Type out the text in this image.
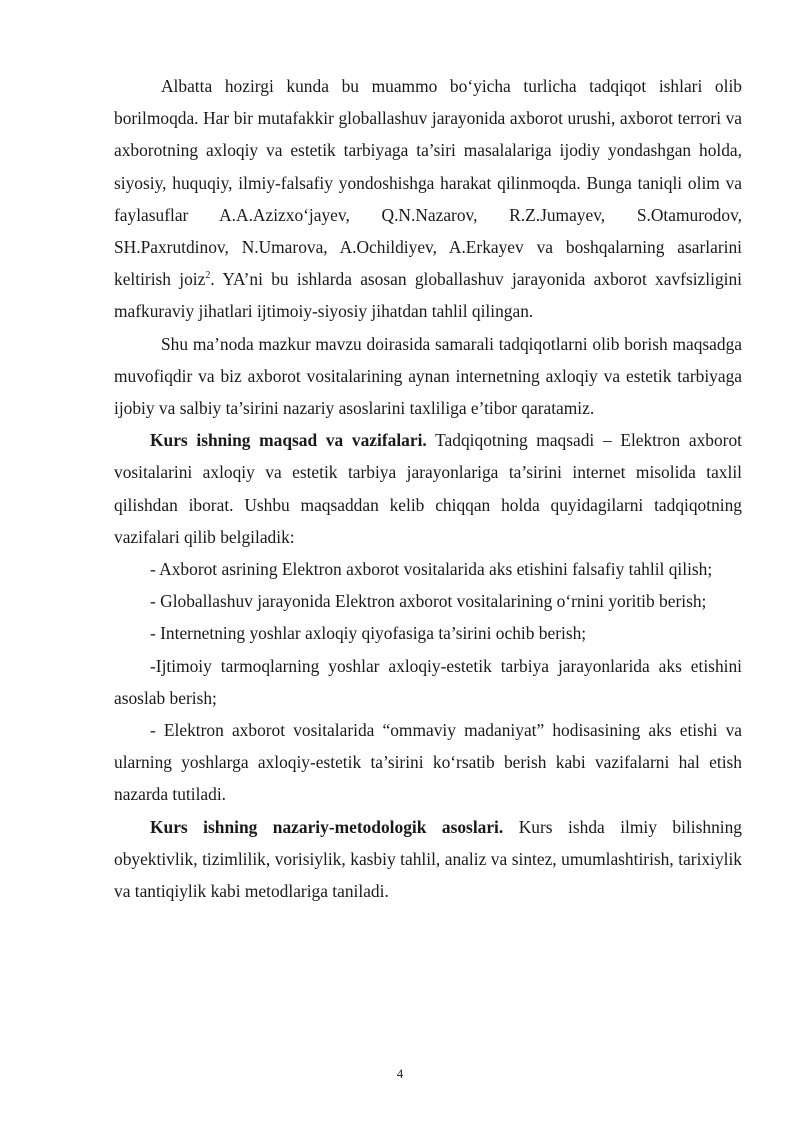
Albatta hozirgi kunda bu muammo bo‘yicha turlicha tadqiqot ishlari olib borilmoqda. Har bir mutafakkir globallashuv jarayonida axborot urushi, axborot terrori va axborotning axloqiy va estetik tarbiyaga ta’siri masalalariga ijodiy yondashgan holda, siyosiy, huquqiy, ilmiy-falsafiy yondoshishga harakat qilinmoqda. Bunga taniqli olim va faylasuflar A.A.Azizxo‘jayev, Q.N.Nazarov, R.Z.Jumayev, S.Otamurodov, SH.Paxrutdinov, N.Umarova, A.Ochildiyev, A.Erkayev va boshqalarning asarlarini keltirish joiz$^2$. YA’ni bu ishlarda asosan globallashuv jarayonida axborot xavfsizligini mafkuraviy jihatlari ijtimoiy-siyosiy jihatdan tahlil qilingan.

Shu ma’noda mazkur mavzu doirasida samarali tadqiqotlarni olib borish maqsadga muvofiqdir va biz axborot vositalarining aynan internetning axloqiy va estetik tarbiyaga ijobiy va salbiy ta’sirini nazariy asoslarini taxliliga e’tibor qaratamiz.

Kurs ishning maqsad va vazifalari. Tadqiqotning maqsadi – Elektron axborot vositalarini axloqiy va estetik tarbiya jarayonlariga ta’sirini internet misolida taxlil qilishdan iborat. Ushbu maqsaddan kelib chiqqan holda quyidagilarni tadqiqotning vazifalari qilib belgiladik:

- Axborot asrining Elektron axborot vositalarida aks etishini falsafiy tahlil qilish;

- Globallashuv jarayonida Elektron axborot vositalarining o‘rnini yoritib berish;

- Internetning yoshlar axloqiy qiyofasiga ta’sirini ochib berish;

-Ijtimoiy tarmoqlarning yoshlar axloqiy-estetik tarbiya jarayonlarida aks etishini asoslab berish;

- Elektron axborot vositalarida “ommaviy madaniyat” hodisasining aks etishi va ularning yoshlarga axloqiy-estetik ta’sirini ko‘rsatib berish kabi vazifalarni hal etish nazarda tutiladi.

Kurs ishning nazariy-metodologik asoslari. Kurs ishda ilmiy bilishning obyektivlik, tizimlilik, vorisiylik, kasbiy tahlil, analiz va sintez, umumlashtirish, tarixiylik va tantiqiylik kabi metodlariga taniladi.

4
